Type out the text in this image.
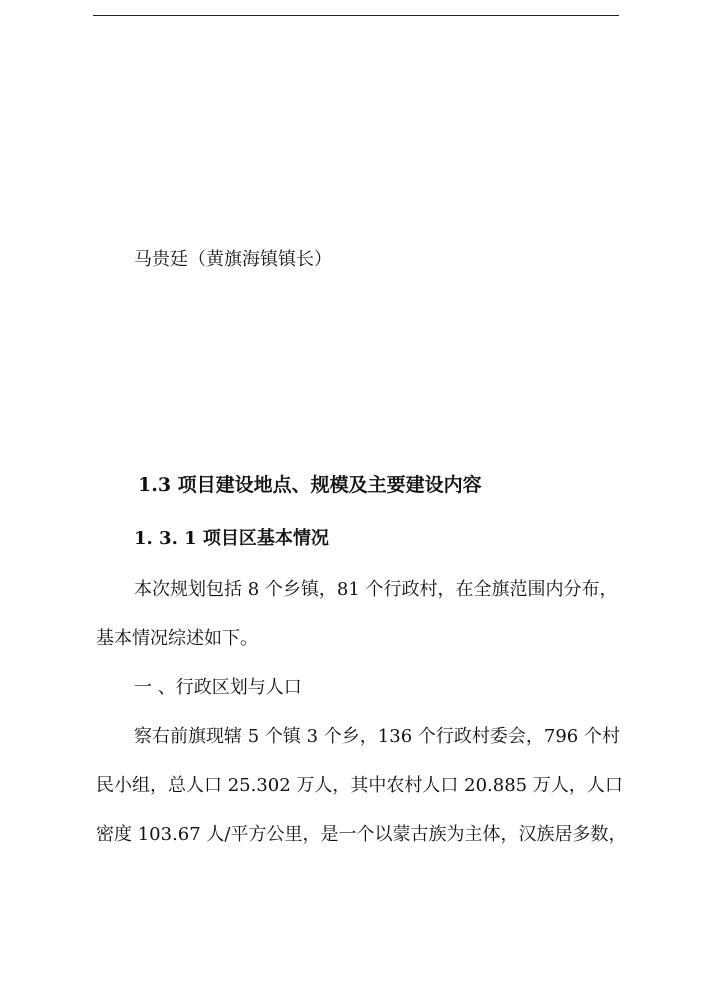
马贵廷（黄旗海镇镇长）
1.3 项目建设地点、规模及主要建设内容
1. 3. 1 项目区基本情况
本次规划包括 8 个乡镇，81 个行政村，在全旗范围内分布，
基本情况综述如下。
一 、行政区划与人口
察右前旗现辖 5 个镇 3 个乡，136 个行政村委会，796 个村
民小组，总人口 25.302 万人，其中农村人口 20.885 万人，人口
密度 103.67 人/平方公里，是一个以蒙古族为主体，汉族居多数，
